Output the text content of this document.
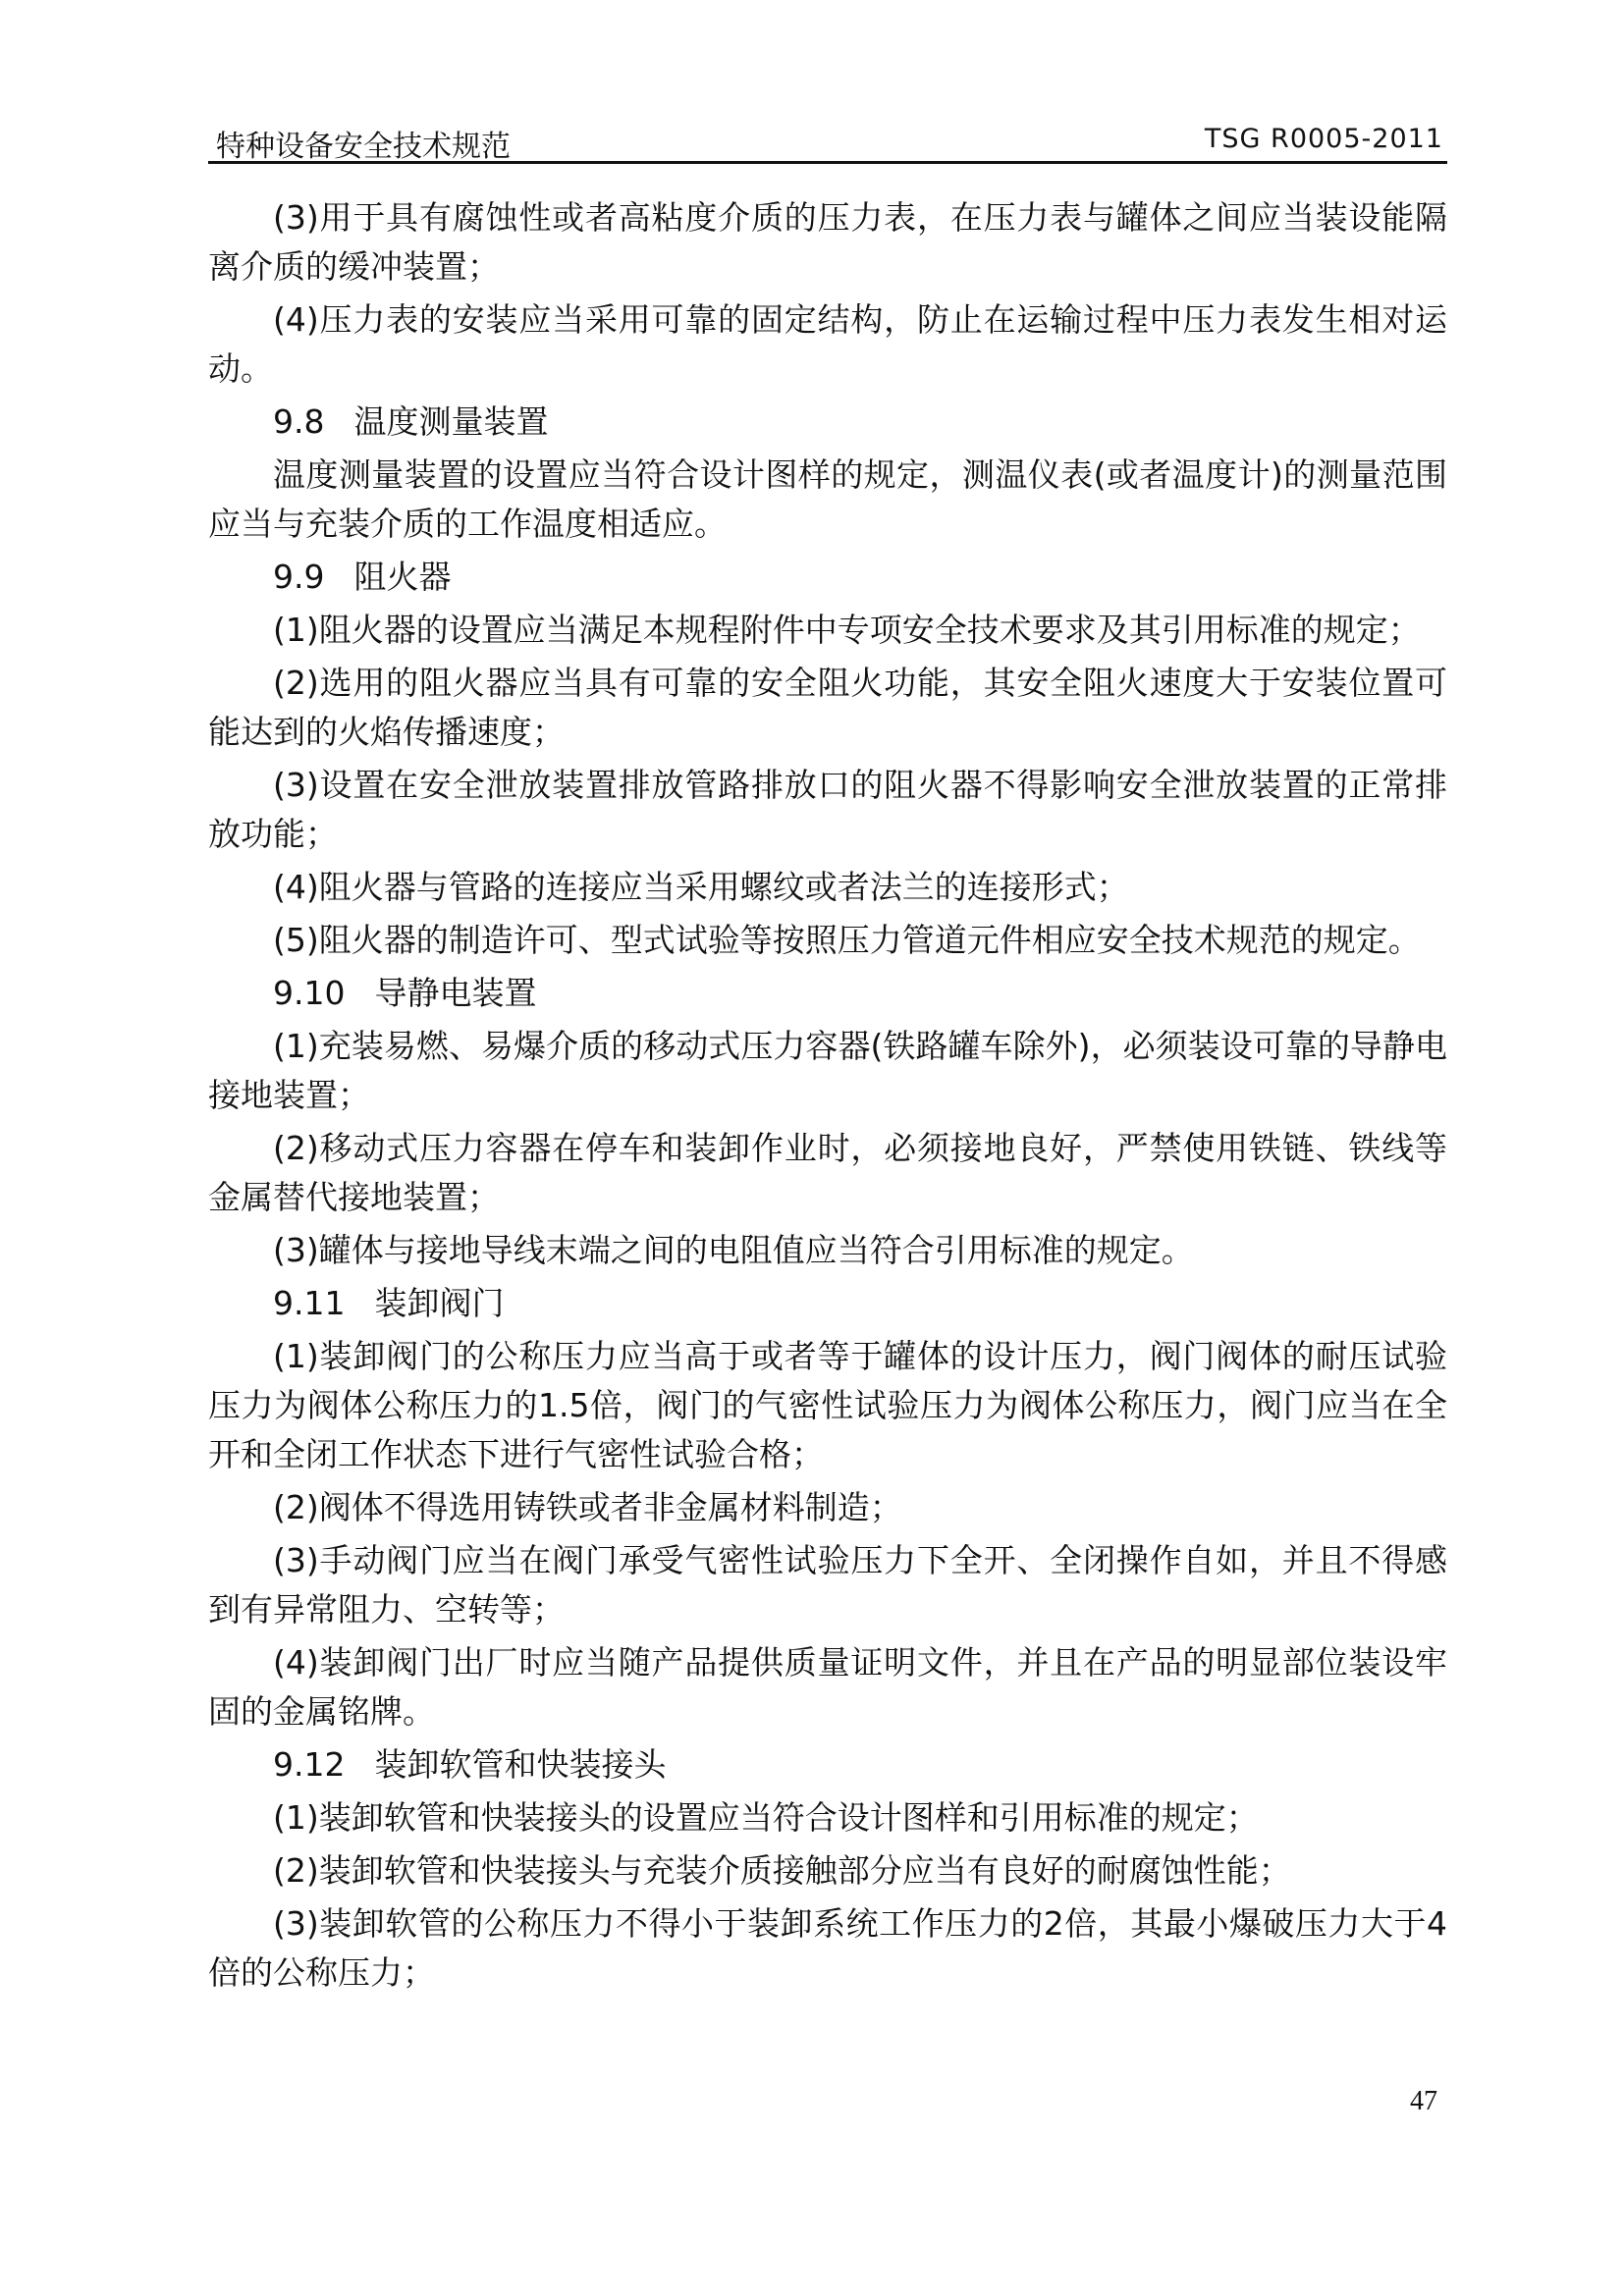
特种设备安全技术规范	TSG R0005-2011

(3)用于具有腐蚀性或者高粘度介质的压力表，在压力表与罐体之间应当装设能隔离介质的缓冲装置；

(4)压力表的安装应当采用可靠的固定结构，防止在运输过程中压力表发生相对运动。

9.8 温度测量装置

温度测量装置的设置应当符合设计图样的规定，测温仪表(或者温度计)的测量范围应当与充装介质的工作温度相适应。

9.9 阻火器

(1)阻火器的设置应当满足本规程附件中专项安全技术要求及其引用标准的规定；

(2)选用的阻火器应当具有可靠的安全阻火功能，其安全阻火速度大于安装位置可能达到的火焰传播速度；

(3)设置在安全泄放装置排放管路排放口的阻火器不得影响安全泄放装置的正常排放功能；

(4)阻火器与管路的连接应当采用螺纹或者法兰的连接形式；

(5)阻火器的制造许可、型式试验等按照压力管道元件相应安全技术规范的规定。

9.10 导静电装置

(1)充装易燃、易爆介质的移动式压力容器(铁路罐车除外)，必须装设可靠的导静电接地装置；

(2)移动式压力容器在停车和装卸作业时，必须接地良好，严禁使用铁链、铁线等金属替代接地装置；

(3)罐体与接地导线末端之间的电阻值应当符合引用标准的规定。

9.11 装卸阀门

(1)装卸阀门的公称压力应当高于或者等于罐体的设计压力，阀门阀体的耐压试验压力为阀体公称压力的1.5倍，阀门的气密性试验压力为阀体公称压力，阀门应当在全开和全闭工作状态下进行气密性试验合格；

(2)阀体不得选用铸铁或者非金属材料制造；

(3)手动阀门应当在阀门承受气密性试验压力下全开、全闭操作自如，并且不得感到有异常阻力、空转等；

(4)装卸阀门出厂时应当随产品提供质量证明文件，并且在产品的明显部位装设牢固的金属铭牌。

9.12 装卸软管和快装接头

(1)装卸软管和快装接头的设置应当符合设计图样和引用标准的规定；

(2)装卸软管和快装接头与充装介质接触部分应当有良好的耐腐蚀性能；

(3)装卸软管的公称压力不得小于装卸系统工作压力的2倍，其最小爆破压力大于4倍的公称压力；

47
